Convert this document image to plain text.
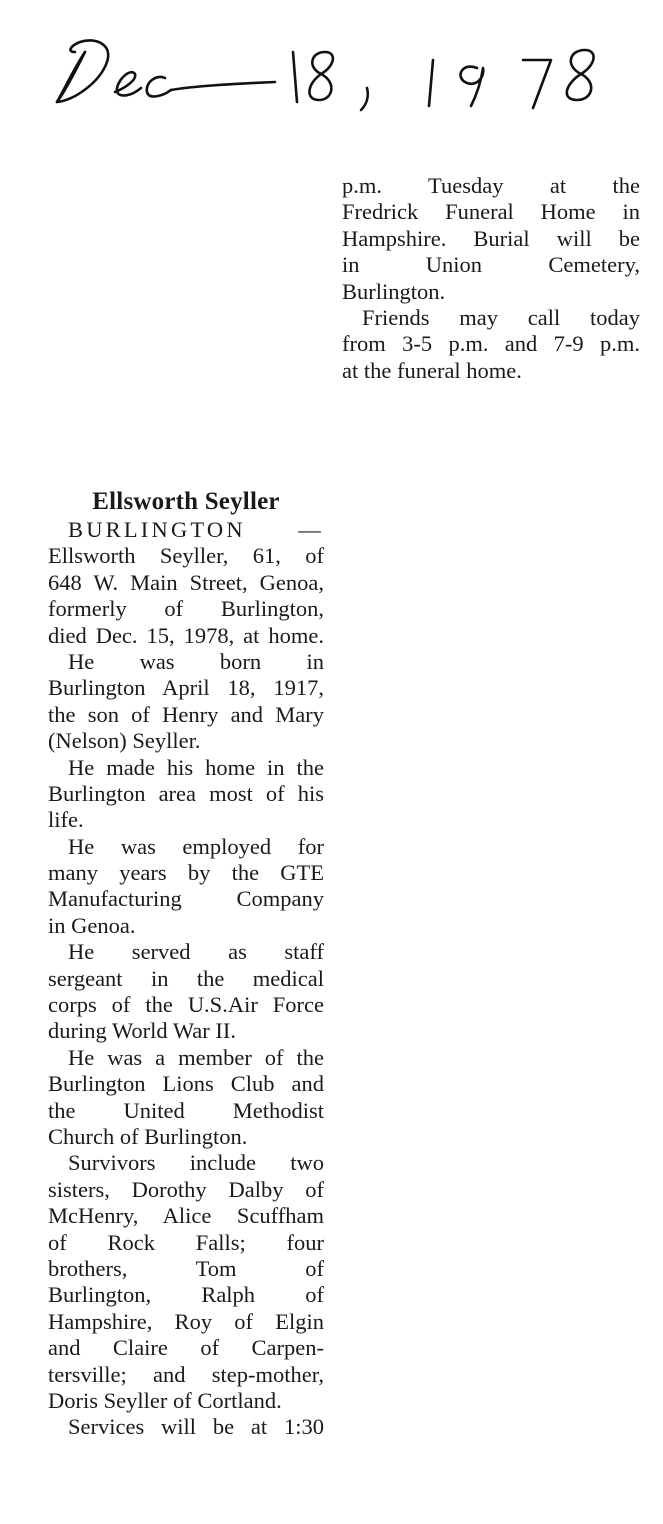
p.m. Tuesday at the
Fredrick Funeral Home in
Hampshire. Burial will be
in Union Cemetery,
Burlington.
Friends may call today
from 3-5 p.m. and 7-9 p.m.
at the funeral home.
Ellsworth Seyller
BURLINGTON —
Ellsworth Seyller, 61, of
648 W. Main Street, Genoa,
formerly of Burlington,
died Dec. 15, 1978, at home.
He was born in
Burlington April 18, 1917,
the son of Henry and Mary
(Nelson) Seyller.
He made his home in the
Burlington area most of his
life.
He was employed for
many years by the GTE
Manufacturing Company
in Genoa.
He served as staff
sergeant in the medical
corps of the U.S.Air Force
during World War II.
He was a member of the
Burlington Lions Club and
the United Methodist
Church of Burlington.
Survivors include two
sisters, Dorothy Dalby of
McHenry, Alice Scuffham
of Rock Falls; four
brothers, Tom of
Burlington, Ralph of
Hampshire, Roy of Elgin
and Claire of Carpen-
tersville; and step-mother,
Doris Seyller of Cortland.
Services will be at 1:30
